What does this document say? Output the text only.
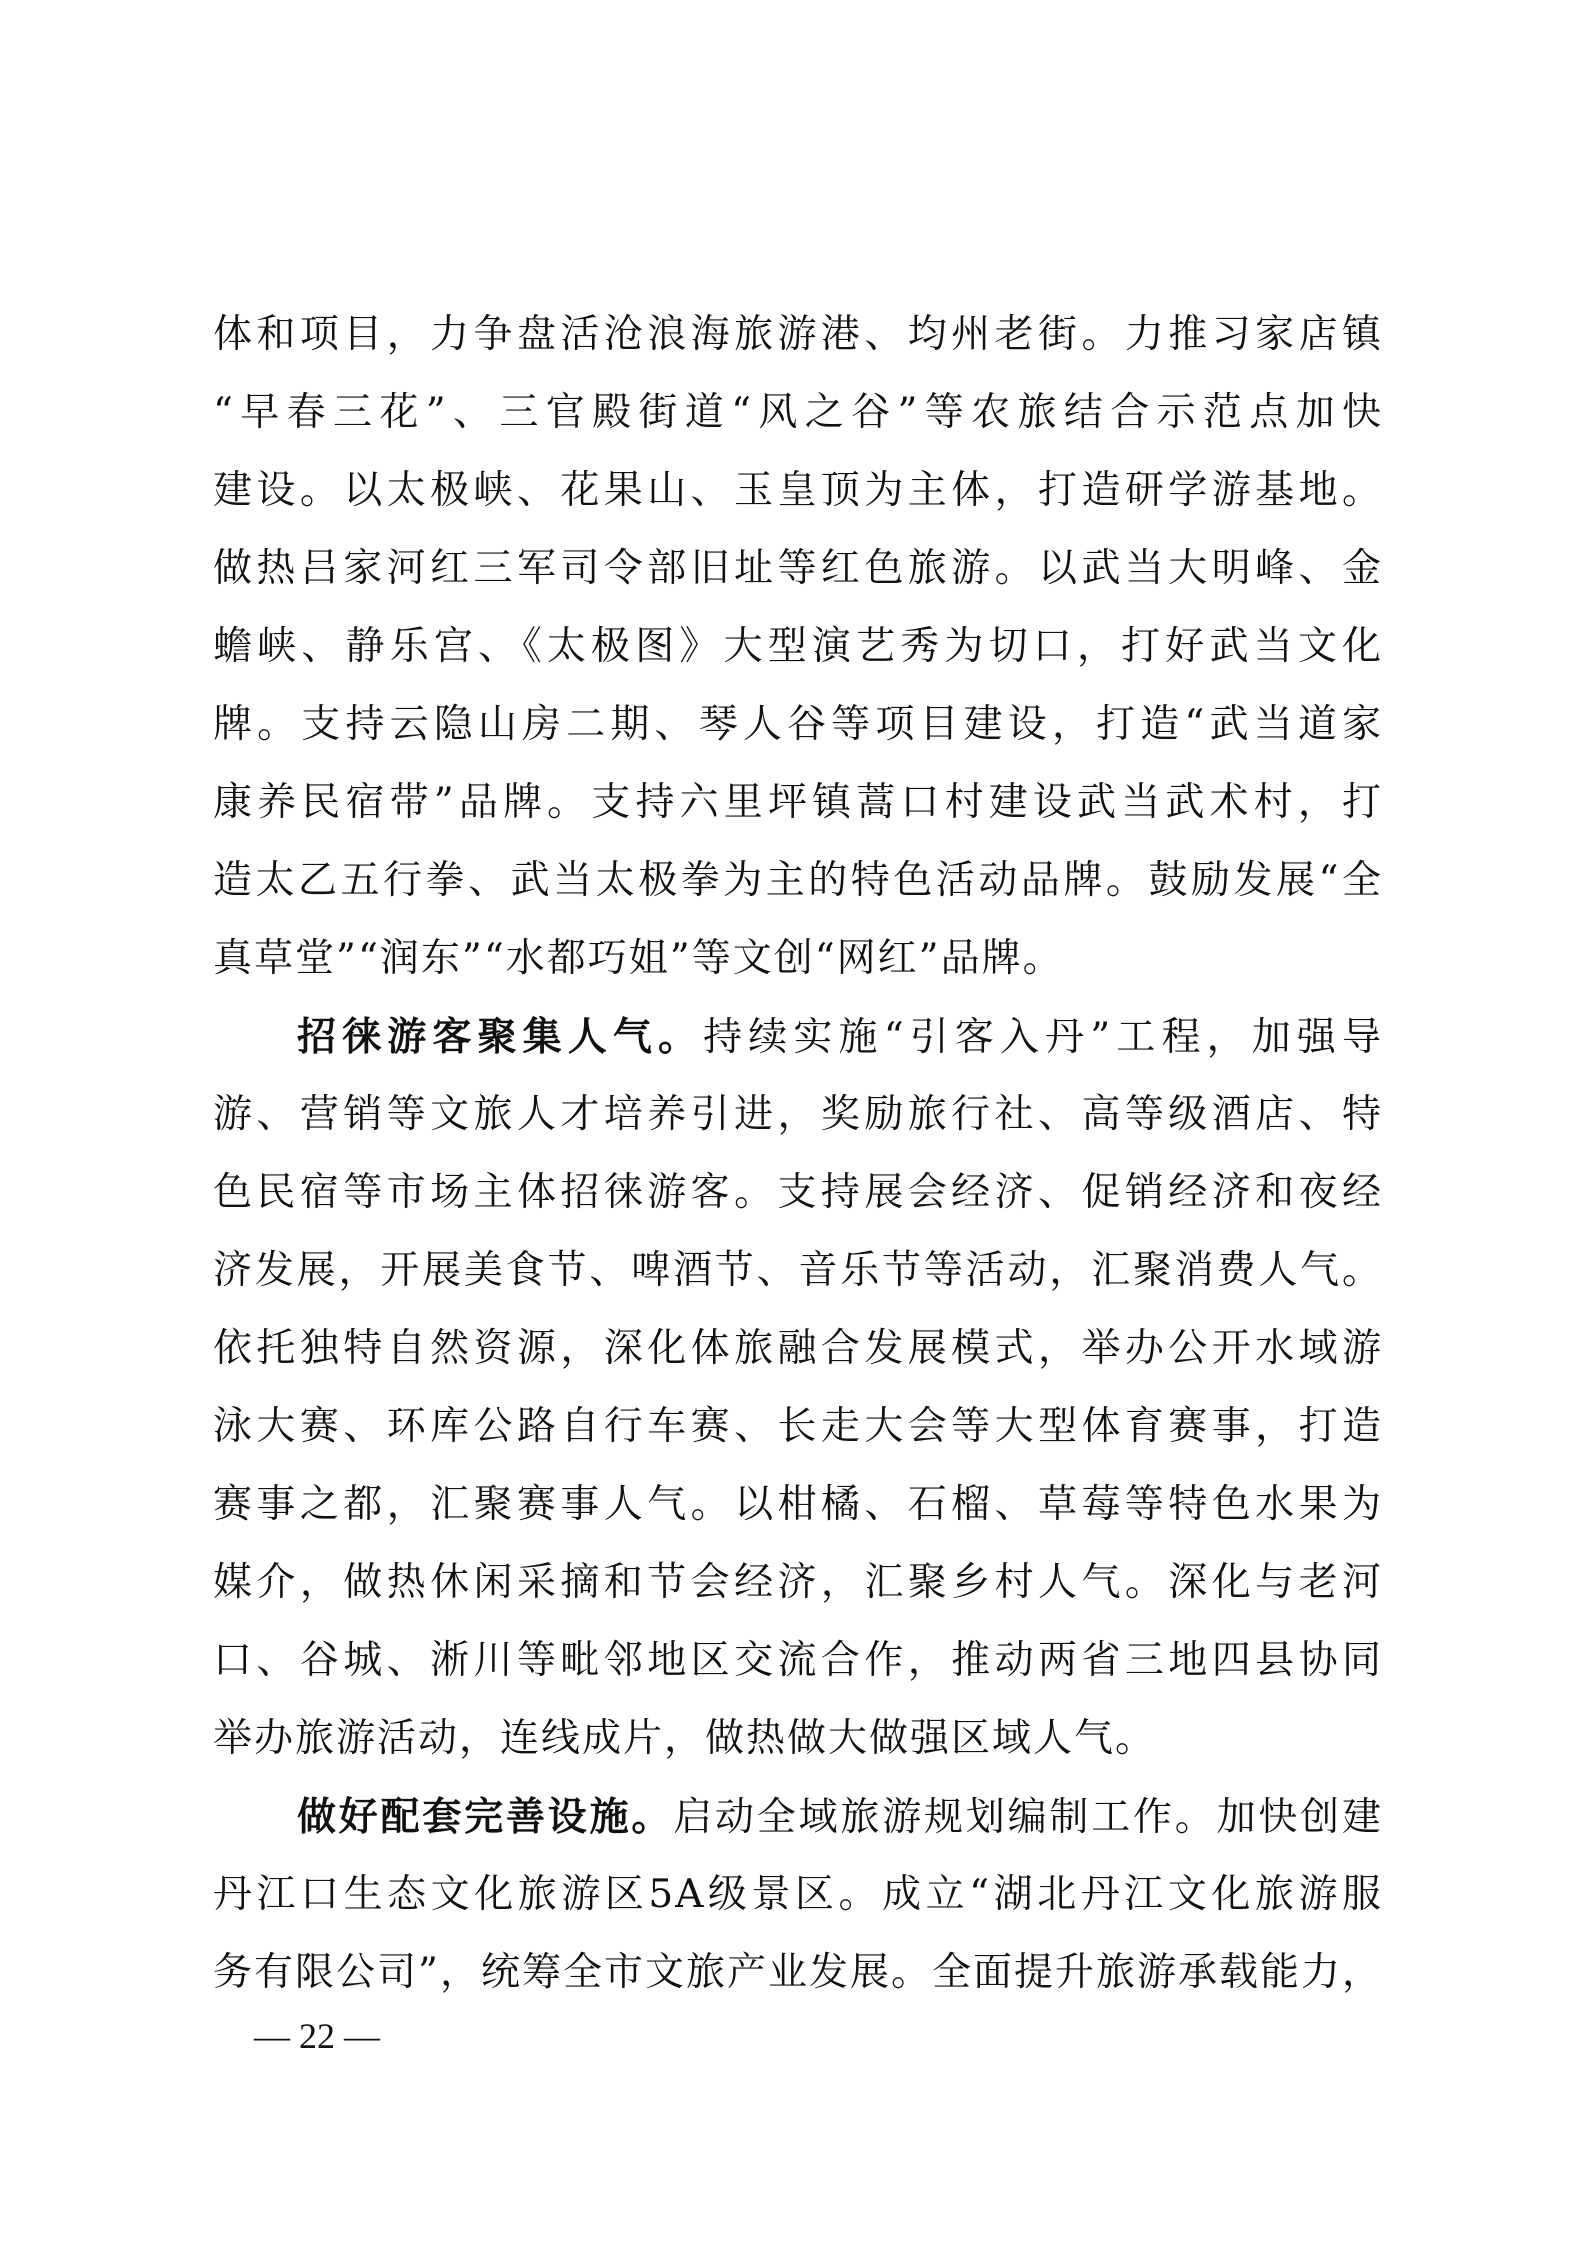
体和项目，力争盘活沧浪海旅游港、均州老街。力推习家店镇
“早春三花”、三官殿街道“风之谷”等农旅结合示范点加快
建设。以太极峡、花果山、玉皇顶为主体，打造研学游基地。
做热吕家河红三军司令部旧址等红色旅游。以武当大明峰、金
蟾峡、静乐宫、《太极图》大型演艺秀为切口，打好武当文化
牌。支持云隐山房二期、琴人谷等项目建设，打造“武当道家
康养民宿带”品牌。支持六里坪镇蒿口村建设武当武术村，打
造太乙五行拳、武当太极拳为主的特色活动品牌。鼓励发展“全
真草堂”“润东”“水都巧姐”等文创“网红”品牌。
招徕游客聚集人气。持续实施“引客入丹”工程，加强导
游、营销等文旅人才培养引进，奖励旅行社、高等级酒店、特
色民宿等市场主体招徕游客。支持展会经济、促销经济和夜经
济发展，开展美食节、啤酒节、音乐节等活动，汇聚消费人气。
依托独特自然资源，深化体旅融合发展模式，举办公开水域游
泳大赛、环库公路自行车赛、长走大会等大型体育赛事，打造
赛事之都，汇聚赛事人气。以柑橘、石榴、草莓等特色水果为
媒介，做热休闲采摘和节会经济，汇聚乡村人气。深化与老河
口、谷城、淅川等毗邻地区交流合作，推动两省三地四县协同
举办旅游活动，连线成片，做热做大做强区域人气。
做好配套完善设施。启动全域旅游规划编制工作。加快创建
丹江口生态文化旅游区5A级景区。成立“湖北丹江文化旅游服
务有限公司”，统筹全市文旅产业发展。全面提升旅游承载能力，
— 22 —
